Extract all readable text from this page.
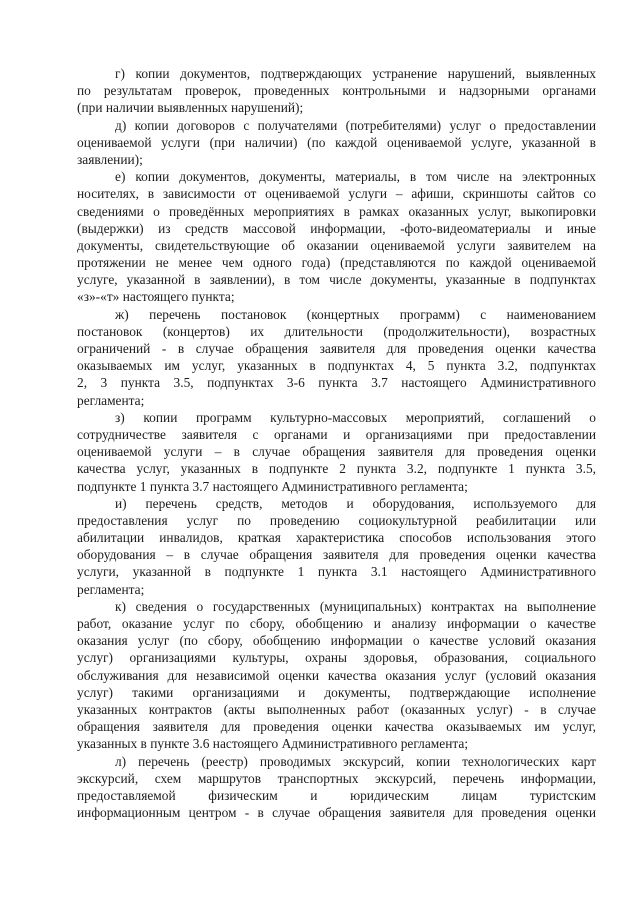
г) копии документов, подтверждающих устранение нарушений, выявленных
по результатам проверок, проведенных контрольными и надзорными органами
(при наличии выявленных нарушений);
д) копии договоров с получателями (потребителями) услуг о предоставлении
оцениваемой услуги (при наличии) (по каждой оцениваемой услуге, указанной в
заявлении);
е) копии документов, документы, материалы, в том числе на электронных
носителях, в зависимости от оцениваемой услуги – афиши, скриншоты сайтов со
сведениями о проведённых мероприятиях в рамках оказанных услуг, выкопировки
(выдержки) из средств массовой информации, -фото-видеоматериалы и иные
документы, свидетельствующие об оказании оцениваемой услуги заявителем на
протяжении не менее чем одного года) (представляются по каждой оцениваемой
услуге, указанной в заявлении), в том числе документы, указанные в подпунктах
«з»-«т» настоящего пункта;
ж) перечень постановок (концертных программ) с наименованием
постановок (концертов) их длительности (продолжительности), возрастных
ограничений - в случае обращения заявителя для проведения оценки качества
оказываемых им услуг, указанных в подпунктах 4, 5 пункта 3.2, подпунктах
2, 3 пункта 3.5, подпунктах 3-6 пункта 3.7 настоящего Административного
регламента;
з) копии программ культурно-массовых мероприятий, соглашений о
сотрудничестве заявителя с органами и организациями при предоставлении
оцениваемой услуги – в случае обращения заявителя для проведения оценки
качества услуг, указанных в подпункте 2 пункта 3.2, подпункте 1 пункта 3.5,
подпункте 1 пункта 3.7 настоящего Административного регламента;
и) перечень средств, методов и оборудования, используемого для
предоставления услуг по проведению социокультурной реабилитации или
абилитации инвалидов, краткая характеристика способов использования этого
оборудования – в случае обращения заявителя для проведения оценки качества
услуги, указанной в подпункте 1 пункта 3.1 настоящего Административного
регламента;
к) сведения о государственных (муниципальных) контрактах на выполнение
работ, оказание услуг по сбору, обобщению и анализу информации о качестве
оказания услуг (по сбору, обобщению информации о качестве условий оказания
услуг) организациями культуры, охраны здоровья, образования, социального
обслуживания для независимой оценки качества оказания услуг (условий оказания
услуг) такими организациями и документы, подтверждающие исполнение
указанных контрактов (акты выполненных работ (оказанных услуг) - в случае
обращения заявителя для проведения оценки качества оказываемых им услуг,
указанных в пункте 3.6 настоящего Административного регламента;
л) перечень (реестр) проводимых экскурсий, копии технологических карт
экскурсий, схем маршрутов транспортных экскурсий, перечень информации,
предоставляемой физическим и юридическим лицам туристским
информационным центром - в случае обращения заявителя для проведения оценки
